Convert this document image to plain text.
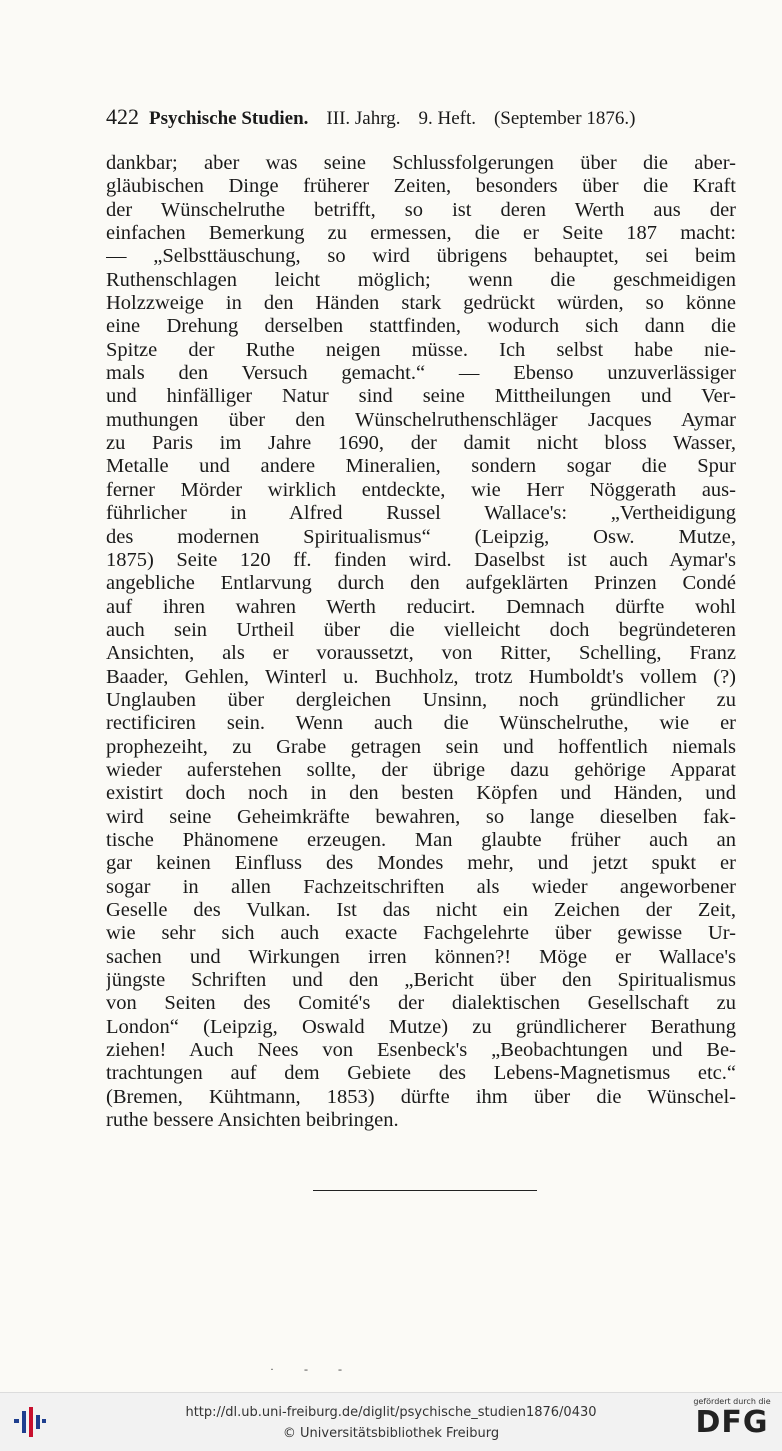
422 Psychische Studien. III. Jahrg. 9. Heft. (September 1876.)
dankbar; aber was seine Schlussfolgerungen über die aber-
gläubischen Dinge früherer Zeiten, besonders über die Kraft
der Wünschelruthe betrifft, so ist deren Werth aus der
einfachen Bemerkung zu ermessen, die er Seite 187 macht:
— „Selbsttäuschung, so wird übrigens behauptet, sei beim
Ruthenschlagen leicht möglich; wenn die geschmeidigen
Holzzweige in den Händen stark gedrückt würden, so könne
eine Drehung derselben stattfinden, wodurch sich dann die
Spitze der Ruthe neigen müsse. Ich selbst habe nie-
mals den Versuch gemacht.“ — Ebenso unzuverlässiger
und hinfälliger Natur sind seine Mittheilungen und Ver-
muthungen über den Wünschelruthenschläger Jacques Aymar
zu Paris im Jahre 1690, der damit nicht bloss Wasser,
Metalle und andere Mineralien, sondern sogar die Spur
ferner Mörder wirklich entdeckte, wie Herr Nöggerath aus-
führlicher in Alfred Russel Wallace's: „Vertheidigung
des modernen Spiritualismus“ (Leipzig, Osw. Mutze,
1875) Seite 120 ff. finden wird. Daselbst ist auch Aymar's
angebliche Entlarvung durch den aufgeklärten Prinzen Condé
auf ihren wahren Werth reducirt. Demnach dürfte wohl
auch sein Urtheil über die vielleicht doch begründeteren
Ansichten, als er voraussetzt, von Ritter, Schelling, Franz
Baader, Gehlen, Winterl u. Buchholz, trotz Humboldt's vollem (?)
Unglauben über dergleichen Unsinn, noch gründlicher zu
rectificiren sein. Wenn auch die Wünschelruthe, wie er
prophezeiht, zu Grabe getragen sein und hoffentlich niemals
wieder auferstehen sollte, der übrige dazu gehörige Apparat
existirt doch noch in den besten Köpfen und Händen, und
wird seine Geheimkräfte bewahren, so lange dieselben fak-
tische Phänomene erzeugen. Man glaubte früher auch an
gar keinen Einfluss des Mondes mehr, und jetzt spukt er
sogar in allen Fachzeitschriften als wieder angeworbener
Geselle des Vulkan. Ist das nicht ein Zeichen der Zeit,
wie sehr sich auch exacte Fachgelehrte über gewisse Ur-
sachen und Wirkungen irren können?! Möge er Wallace's
jüngste Schriften und den „Bericht über den Spiritualismus
von Seiten des Comité's der dialektischen Gesellschaft zu
London“ (Leipzig, Oswald Mutze) zu gründlicherer Berathung
ziehen! Auch Nees von Esenbeck's „Beobachtungen und Be-
trachtungen auf dem Gebiete des Lebens-Magnetismus etc.“
(Bremen, Kühtmann, 1853) dürfte ihm über die Wünschel-
ruthe bessere Ansichten beibringen.
·          -          -
http://dl.ub.uni-freiburg.de/diglit/psychische_studien1876/0430
© Universitätsbibliothek Freiburg
gefördert durch die
DFG
